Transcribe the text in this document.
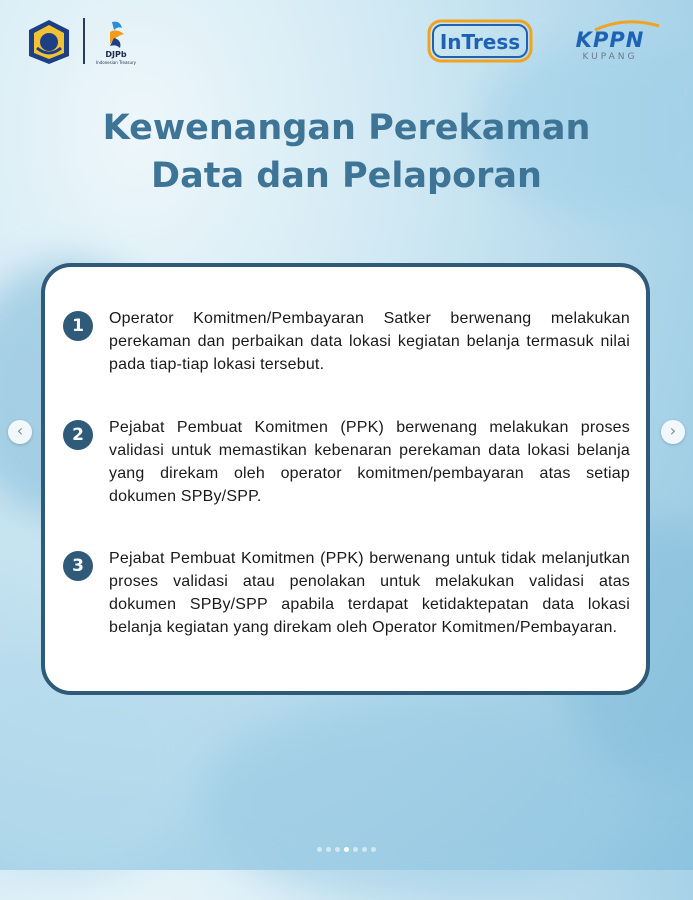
DJPb
Indonesian Treasury
InTress	KPPN
KUPANG
Kewenangan Perekaman
Data dan Pelaporan
1	Operator Komitmen/Pembayaran Satker berwenang melakukan perekaman dan perbaikan data lokasi kegiatan belanja termasuk nilai pada tiap-tiap lokasi tersebut.
2	Pejabat Pembuat Komitmen (PPK) berwenang melakukan proses validasi untuk memastikan kebenaran perekaman data lokasi belanja yang direkam oleh operator komitmen/pembayaran atas setiap dokumen SPBy/SPP.
3	Pejabat Pembuat Komitmen (PPK) berwenang untuk tidak melanjutkan proses validasi atau penolakan untuk melakukan validasi atas dokumen SPBy/SPP apabila terdapat ketidaktepatan data lokasi belanja kegiatan yang direkam oleh Operator Komitmen/Pembayaran.
‹	›
